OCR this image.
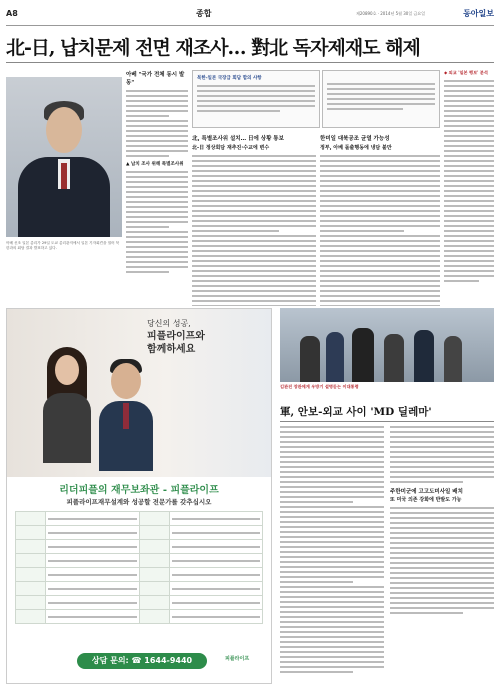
A8	종합	제20890호 · 2014년 5월 30일 금요일	동아일보
北-日, 납치문제 전면 재조사… 對北 독자제재도 해제
아베 신조 일본 총리가 29일 도쿄 총리관저에서 일본 기자회견을 열어 북한과의 회담 결과 발표하고 있다.
아베 "국가 전체 동시 발동"
▲ 납치 조사 위해 특별조사위
북한-일본 국장급 회담 합의 사항
北, 특별조사위 설치… 日에 상황 통보
北-日 정상회담 재추진·수교에 변수
한미일 대북공조 균열 가능성
정부, 아베 돌출행동에 냉담 불만
◆ 외교 '일본 행보' 분석
당신의 성공,
피플라이프와
함께하세요
리더피플의 재무보좌관 - 피플라이프
피플라이프재무설계와 성공할 전문가를 갖추십시오

상담 문의: ☎ 1644-9440	피플라이프
김관진 장관에게 우방기 설명듣는 이대통령
軍, 안보-외교 사이 'MD 딜레마'
주한미군에 고고도미사일 배치
또 미국 의존 강화에 반발도 가능
